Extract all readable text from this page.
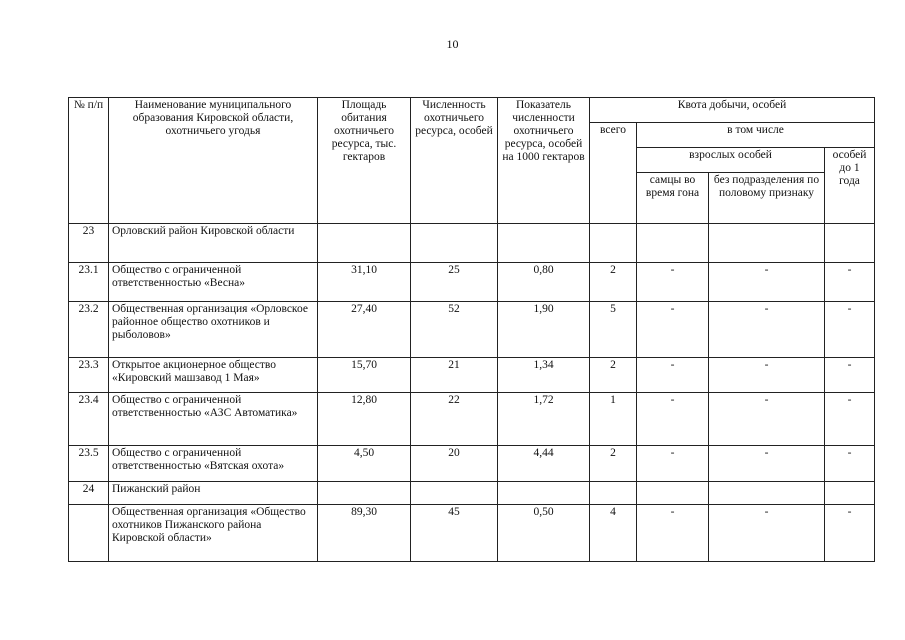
10
№ п/п	Наименование муниципального образования Кировской области, охотничьего угодья	Площадь обитания охотничьего ресурса, тыс. гектаров	Численность охотничьего ресурса, особей	Показатель численности охотничьего ресурса, особей на 1000 гектаров	Квота добычи, особей			
					всего	в том числе		
						взрослых особей		особей до 1 года
						самцы во время гона	без подразделения по половому признаку	
23	Орловский район Кировской области							
23.1	Общество с ограниченной ответственностью «Весна»	31,10	25	0,80	2	-	-	-
23.2	Общественная организация «Орловское районное общество охотников и рыболовов»	27,40	52	1,90	5	-	-	-
23.3	Открытое акционерное общество «Кировский машзавод 1 Мая»	15,70	21	1,34	2	-	-	-
23.4	Общество с ограниченной ответственностью «АЗС Автоматика»	12,80	22	1,72	1	-	-	-
23.5	Общество с ограниченной ответственностью «Вятская охота»	4,50	20	4,44	2	-	-	-
24	Пижанский район							
	Общественная организация «Общество охотников Пижанского района Кировской области»	89,30	45	0,50	4	-	-	-
